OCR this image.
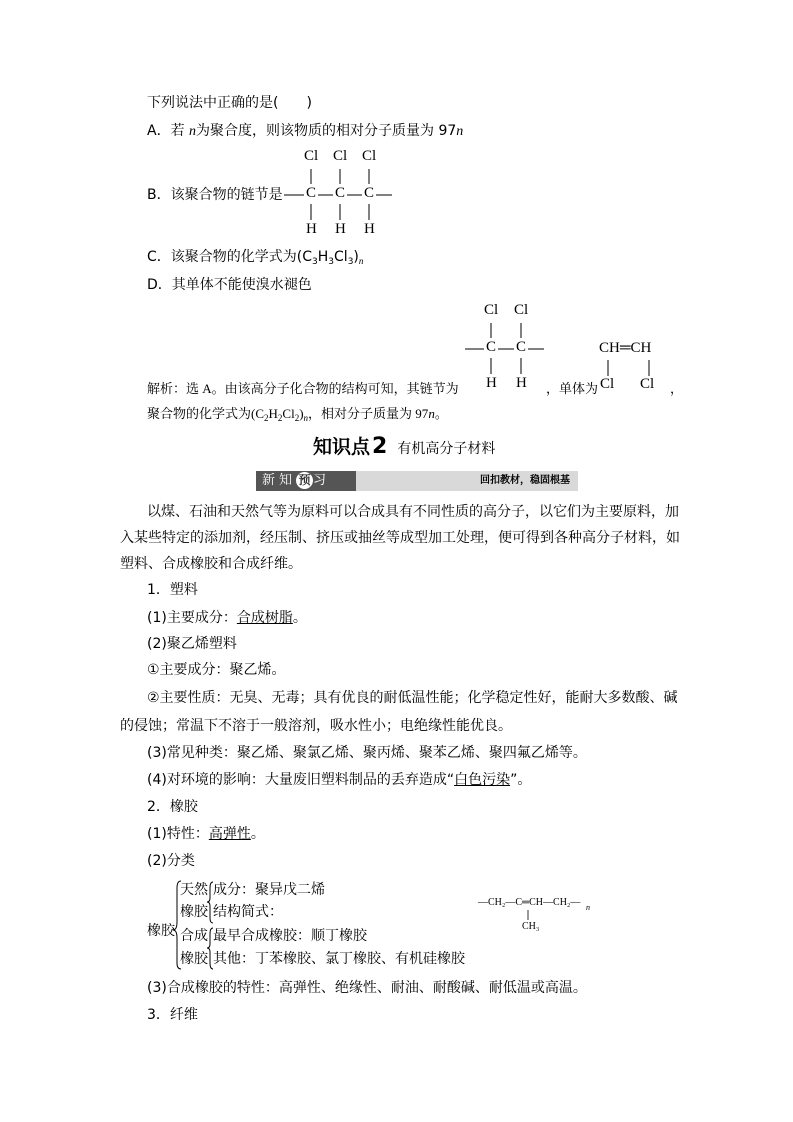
下列说法中正确的是(　　)
A．若 n为聚合度，则该物质的相对分子质量为 97n
B．该聚合物的链节是
Cl Cl Cl
C C C
H H H
C．该聚合物的化学式为$(C_3H_3Cl_3)_n$
D．其单体不能使溴水褪色
Cl Cl
C C
H H
CH═CH
Cl Cl
解析：选 A。由该高分子化合物的结构可知，其链节为	，单体为	，
聚合物的化学式为$(C_2H_2Cl_2)_n$，相对分子质量为 97n。
知识点2 有机高分子材料
新知 预 习	回扣教材，稳固根基
以煤、石油和天然气等为原料可以合成具有不同性质的高分子，以它们为主要原料，加
入某些特定的添加剂，经压制、挤压或抽丝等成型加工处理，便可得到各种高分子材料，如
塑料、合成橡胶和合成纤维。
1．塑料
(1)主要成分：合成树脂。
(2)聚乙烯塑料
①主要成分：聚乙烯。
②主要性质：无臭、无毒；具有优良的耐低温性能；化学稳定性好，能耐大多数酸、碱
的侵蚀；常温下不溶于一般溶剂，吸水性小；电绝缘性能优良。
(3)常见种类：聚乙烯、聚氯乙烯、聚丙烯、聚苯乙烯、聚四氟乙烯等。
(4)对环境的影响：大量废旧塑料制品的丢弃造成“白色污染”。
2．橡胶
(1)特性：高弹性。
(2)分类
橡胶
天然
橡胶
合成
橡胶
成分：聚异戊二烯
结构简式：
最早合成橡胶：顺丁橡胶
其他：丁苯橡胶、氯丁橡胶、有机硅橡胶
—CH₂—C═CH—CH₂— n
CH₃
(3)合成橡胶的特性：高弹性、绝缘性、耐油、耐酸碱、耐低温或高温。
3．纤维
